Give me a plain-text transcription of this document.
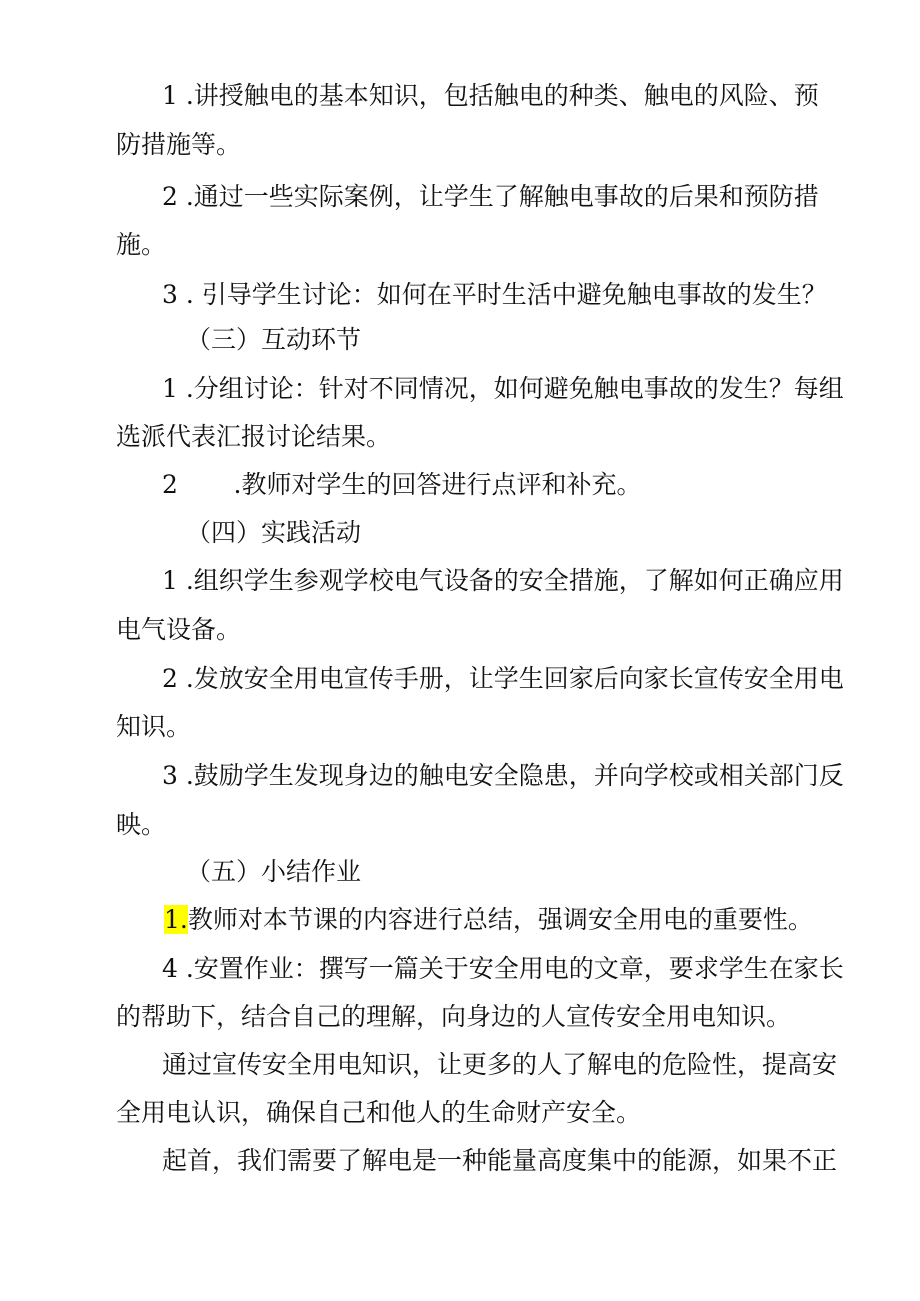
1 .讲授触电的基本知识，包括触电的种类、触电的风险、预
防措施等。
2 .通过一些实际案例，让学生了解触电事故的后果和预防措
施。
3 . 引导学生讨论：如何在平时生活中避免触电事故的发生？
（三）互动环节
1 .分组讨论：针对不同情况，如何避免触电事故的发生？每组
选派代表汇报讨论结果。
2       .教师对学生的回答进行点评和补充。
（四）实践活动
1 .组织学生参观学校电气设备的安全措施，了解如何正确应用
电气设备。
2 .发放安全用电宣传手册，让学生回家后向家长宣传安全用电
知识。
3 .鼓励学生发现身边的触电安全隐患，并向学校或相关部门反
映。
（五）小结作业
1.教师对本节课的内容进行总结，强调安全用电的重要性。
4 .安置作业：撰写一篇关于安全用电的文章，要求学生在家长
的帮助下，结合自己的理解，向身边的人宣传安全用电知识。
通过宣传安全用电知识，让更多的人了解电的危险性，提高安
全用电认识，确保自己和他人的生命财产安全。
起首，我们需要了解电是一种能量高度集中的能源，如果不正
